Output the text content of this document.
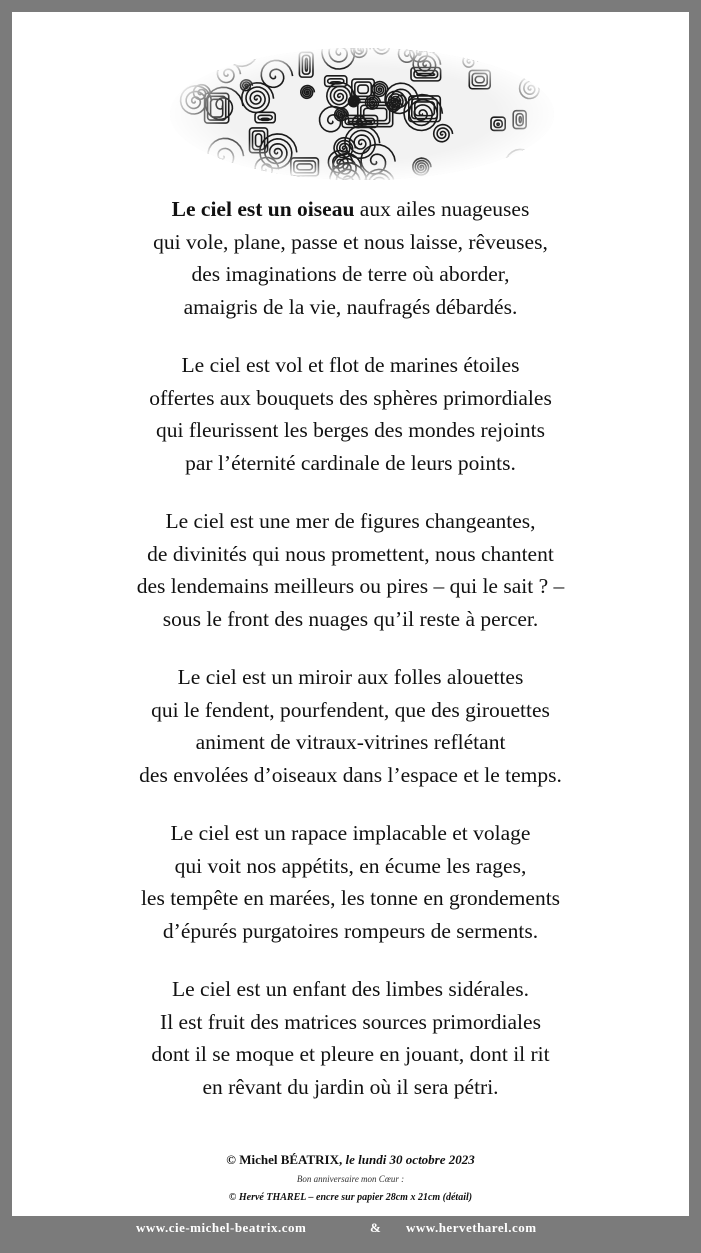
Le ciel est un oiseau aux ailes nuageuses
qui vole, plane, passe et nous laisse, rêveuses,
des imaginations de terre où aborder,
amaigris de la vie, naufragés débardés.
Le ciel est vol et flot de marines étoiles
offertes aux bouquets des sphères primordiales
qui fleurissent les berges des mondes rejoints
par l’éternité cardinale de leurs points.
Le ciel est une mer de figures changeantes,
de divinités qui nous promettent, nous chantent
des lendemains meilleurs ou pires – qui le sait ? –
sous le front des nuages qu’il reste à percer.
Le ciel est un miroir aux folles alouettes
qui le fendent, pourfendent, que des girouettes
animent de vitraux-vitrines reflétant
des envolées d’oiseaux dans l’espace et le temps.
Le ciel est un rapace implacable et volage
qui voit nos appétits, en écume les rages,
les tempête en marées, les tonne en grondements
d’épurés purgatoires rompeurs de serments.
Le ciel est un enfant des limbes sidérales.
Il est fruit des matrices sources primordiales
dont il se moque et pleure en jouant, dont il rit
en rêvant du jardin où il sera pétri.
© Michel BÉATRIX, le lundi 30 octobre 2023
Bon anniversaire mon Cœur :
© Hervé THAREL – encre sur papier 28cm x 21cm (détail)
www.cie-michel-beatrix.com	& www.hervetharel.com
